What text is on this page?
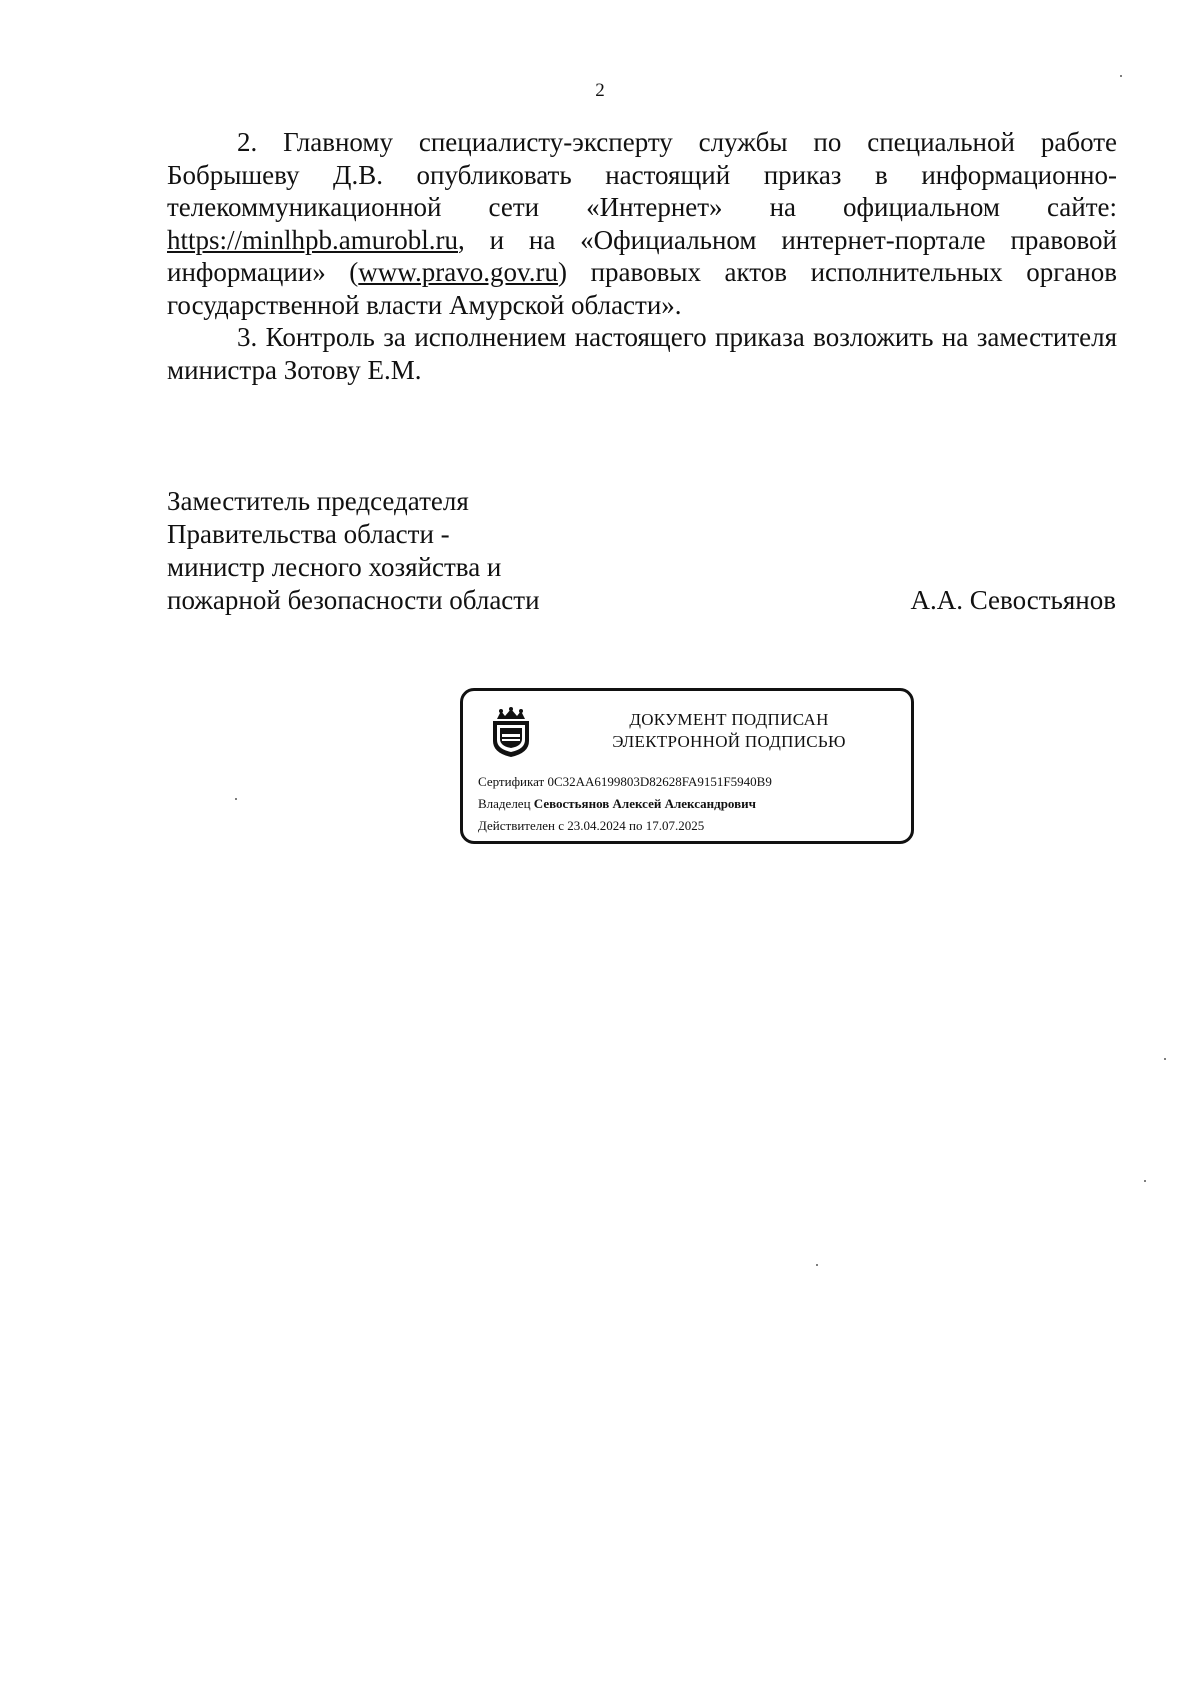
2

2. Главному специалисту-эксперту службы по специальной работе Бобрышеву Д.В. опубликовать настоящий приказ в информационно-телекоммуникационной сети «Интернет» на официальном сайте: https://minlhpb.amurobl.ru, и на «Официальном интернет-портале правовой информации» (www.pravo.gov.ru) правовых актов исполнительных органов государственной власти Амурской области».

3. Контроль за исполнением настоящего приказа возложить на заместителя министра Зотову Е.М.

Заместитель председателя
Правительства области -
министр лесного хозяйства и
пожарной безопасности области	А.А. Севостьянов
ДОКУМЕНТ ПОДПИСАН
ЭЛЕКТРОННОЙ ПОДПИСЬЮ
Сертификат 0C32AA6199803D82628FA9151F5940B9
Владелец Севостьянов Алексей Александрович
Действителен с 23.04.2024 по 17.07.2025
